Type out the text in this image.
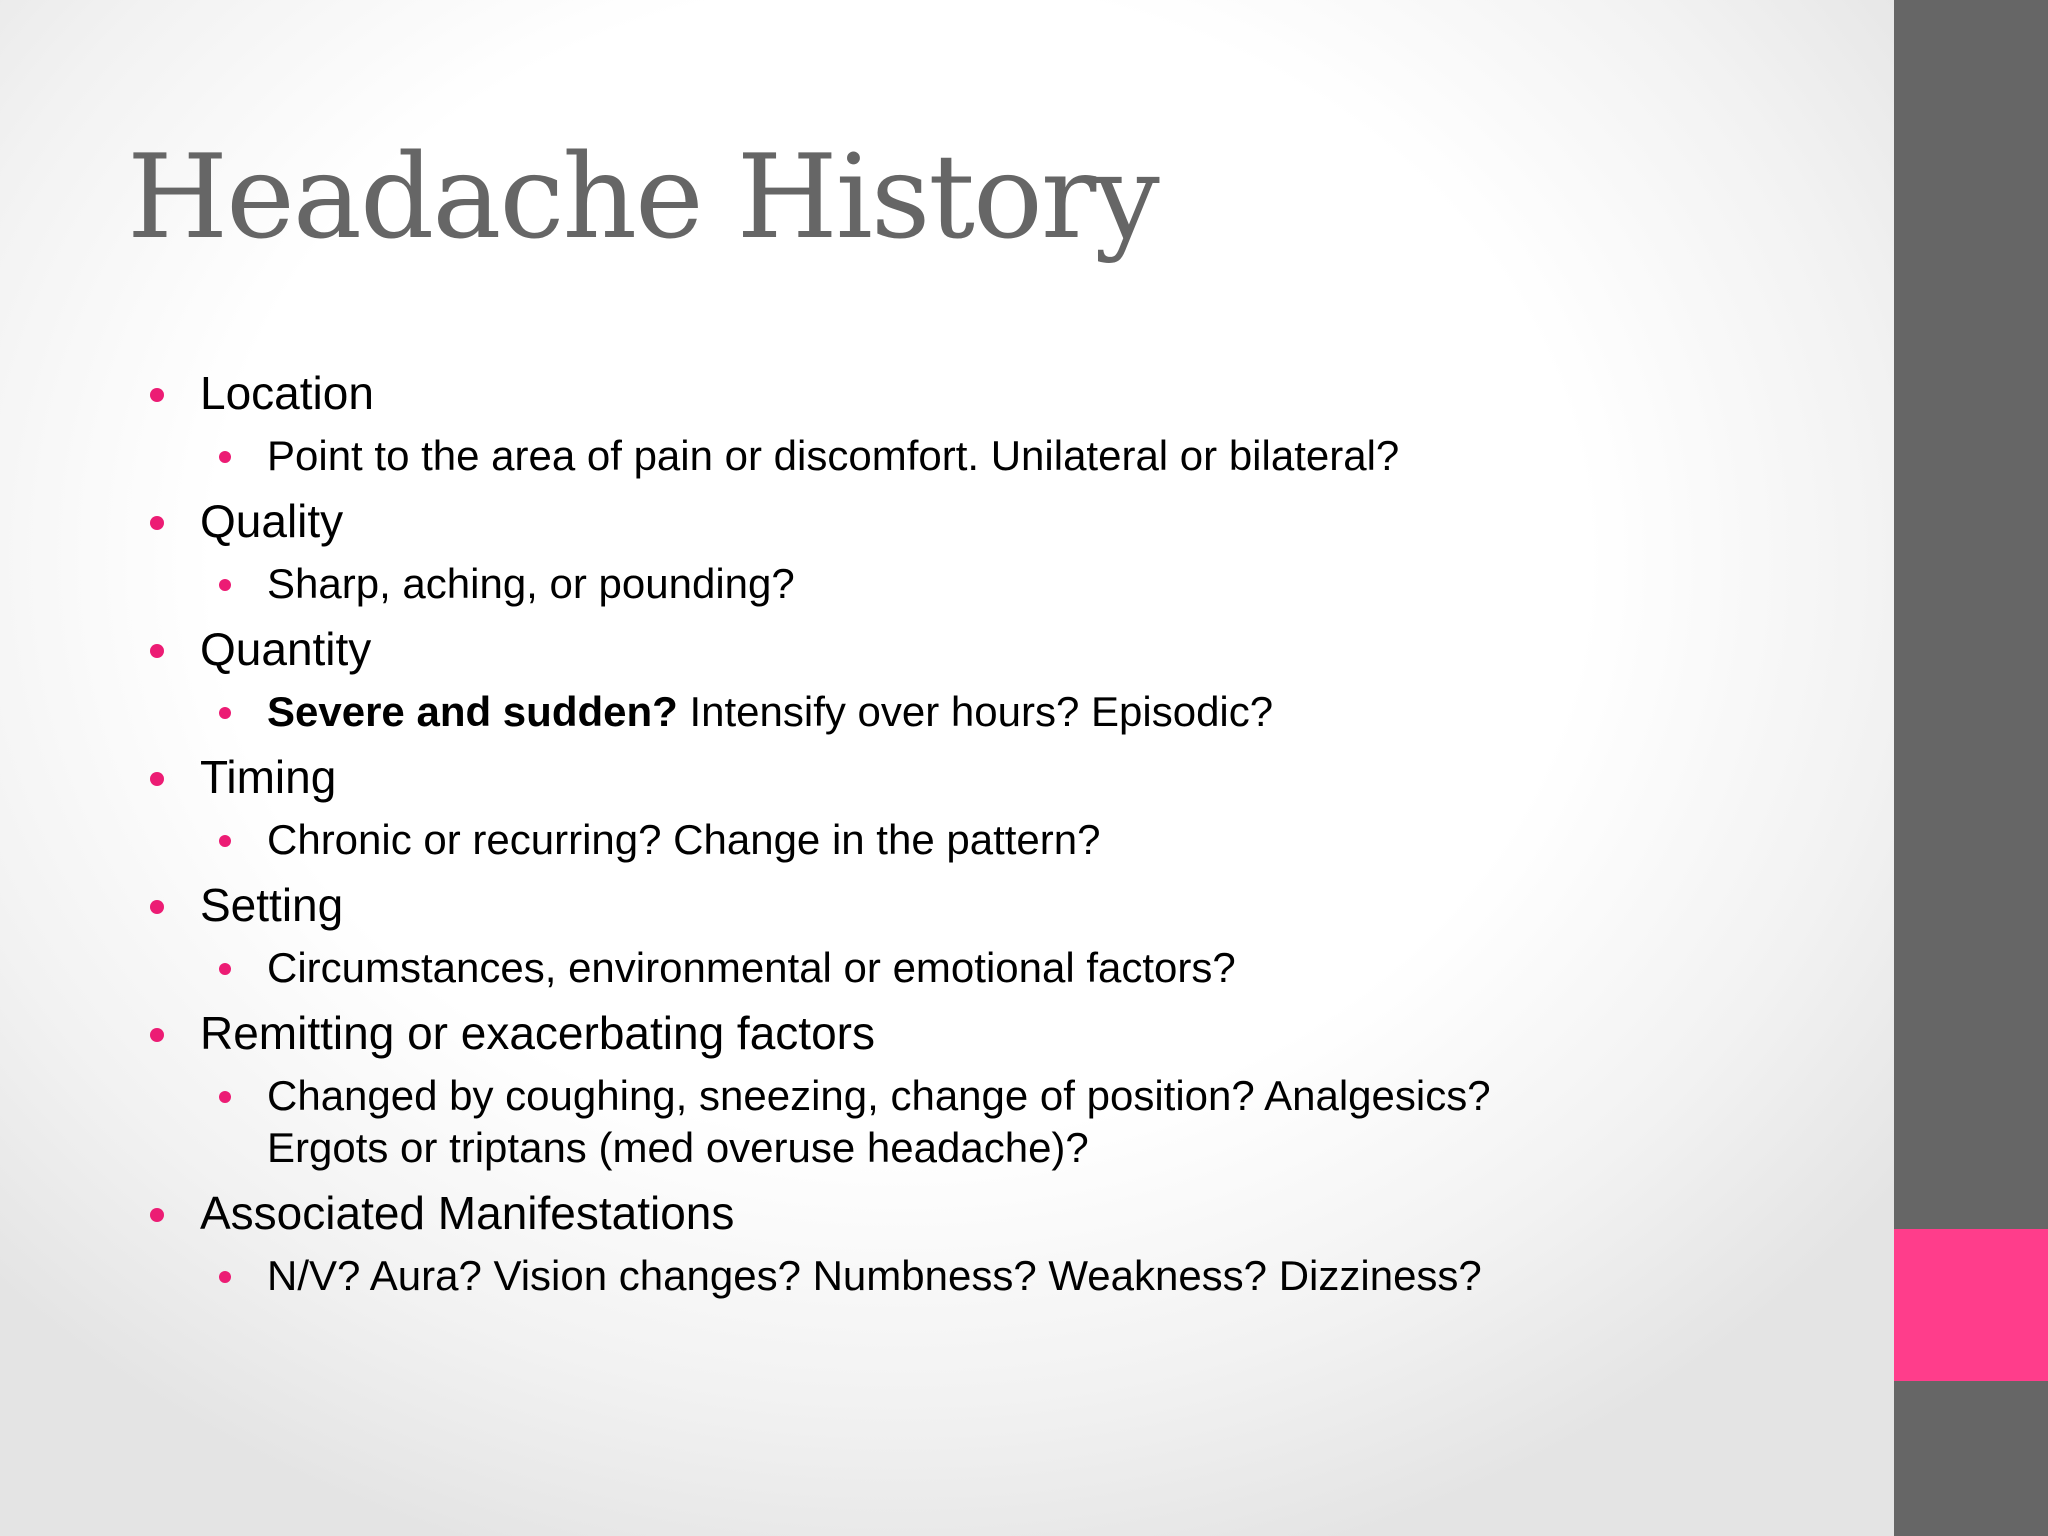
Headache History
Location
Point to the area of pain or discomfort. Unilateral or bilateral?
Quality
Sharp, aching, or pounding?
Quantity
Severe and sudden? Intensify over hours? Episodic?
Timing
Chronic or recurring? Change in the pattern?
Setting
Circumstances, environmental or emotional factors?
Remitting or exacerbating factors
Changed by coughing, sneezing, change of position? Analgesics?
Ergots or triptans (med overuse headache)?
Associated Manifestations
N/V? Aura? Vision changes? Numbness? Weakness? Dizziness?
